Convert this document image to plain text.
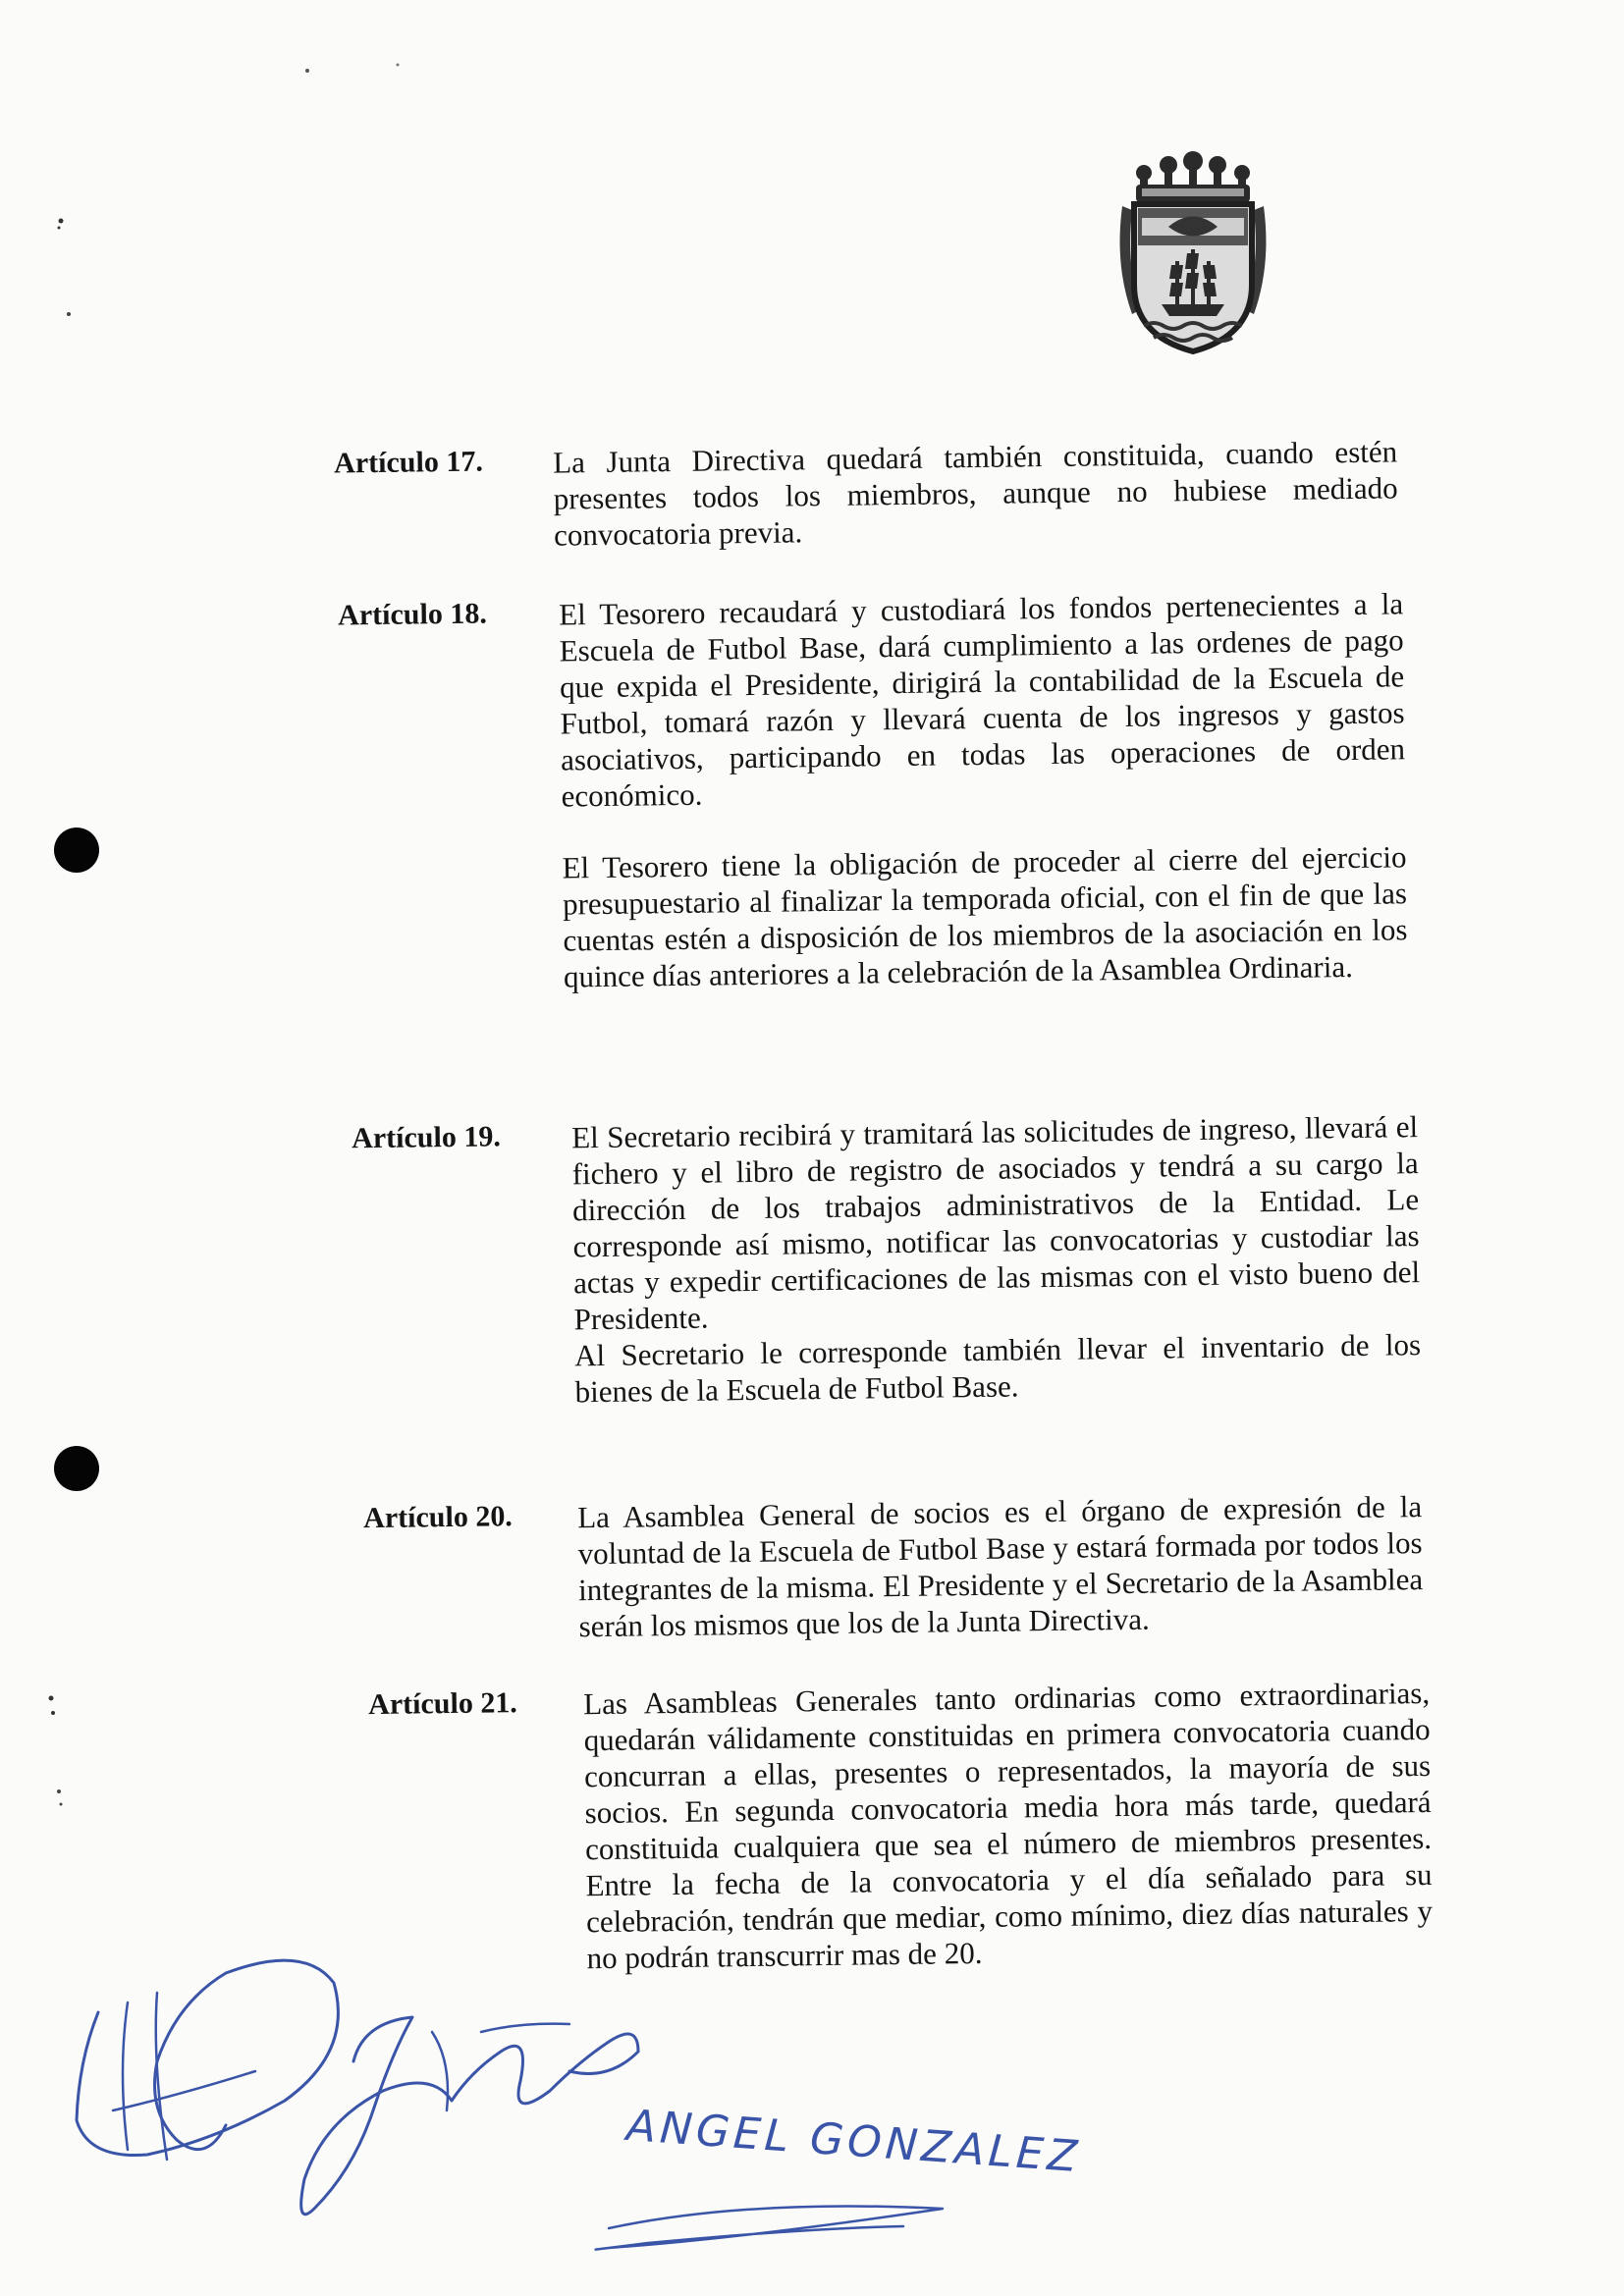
Artículo 17. La Junta Directiva quedará también constituida, cuando estén presentes todos los miembros, aunque no hubiese mediado convocatoria previa.

Artículo 18. El Tesorero recaudará y custodiará los fondos pertenecientes a la Escuela de Futbol Base, dará cumplimiento a las ordenes de pago que expida el Presidente, dirigirá la contabilidad de la Escuela de Futbol, tomará razón y llevará cuenta de los ingresos y gastos asociativos, participando en todas las operaciones de orden económico.

El Tesorero tiene la obligación de proceder al cierre del ejercicio presupuestario al finalizar la temporada oficial, con el fin de que las cuentas estén a disposición de los miembros de la asociación en los quince días anteriores a la celebración de la Asamblea Ordinaria.

Artículo 19. El Secretario recibirá y tramitará las solicitudes de ingreso, llevará el fichero y el libro de registro de asociados y tendrá a su cargo la dirección de los trabajos administrativos de la Entidad. Le corresponde así mismo, notificar las convocatorias y custodiar las actas y expedir certificaciones de las mismas con el visto bueno del Presidente.

Al Secretario le corresponde también llevar el inventario de los bienes de la Escuela de Futbol Base.

Artículo 20. La Asamblea General de socios es el órgano de expresión de la voluntad de la Escuela de Futbol Base y estará formada por todos los integrantes de la misma. El Presidente y el Secretario de la Asamblea serán los mismos que los de la Junta Directiva.

Artículo 21. Las Asambleas Generales tanto ordinarias como extraordinarias, quedarán válidamente constituidas en primera convocatoria cuando concurran a ellas, presentes o representados, la mayoría de sus socios. En segunda convocatoria media hora más tarde, quedará constituida cualquiera que sea el número de miembros presentes. Entre la fecha de la convocatoria y el día señalado para su celebración, tendrán que mediar, como mínimo, diez días naturales y no podrán transcurrir mas de 20.

ANGEL GONZALEZ
